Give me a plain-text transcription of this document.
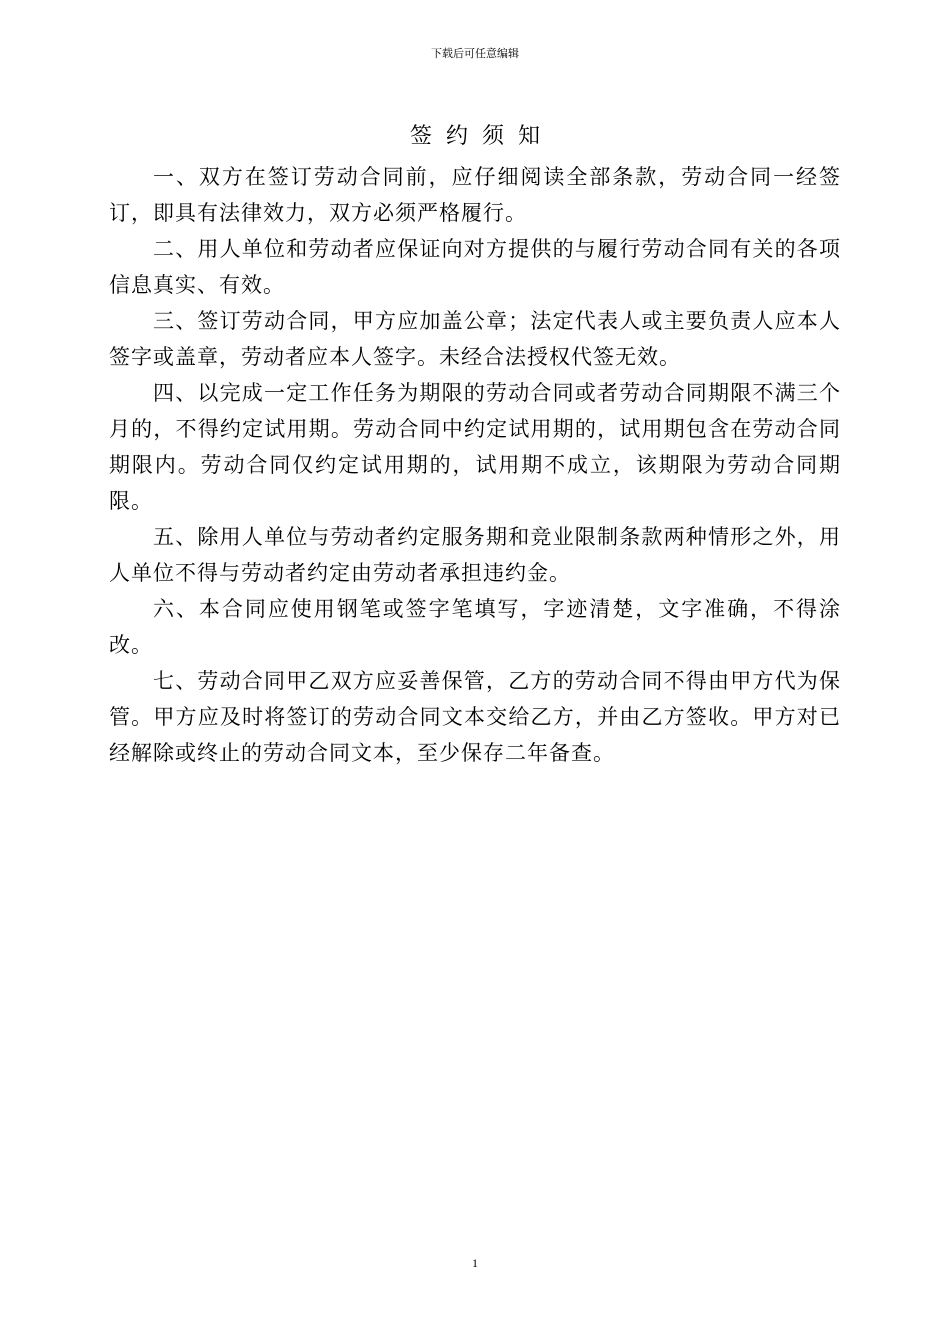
下载后可任意编辑
签约须知

一、双方在签订劳动合同前，应仔细阅读全部条款，劳动合同一经签订，即具有法律效力，双方必须严格履行。

二、用人单位和劳动者应保证向对方提供的与履行劳动合同有关的各项信息真实、有效。

三、签订劳动合同，甲方应加盖公章；法定代表人或主要负责人应本人签字或盖章，劳动者应本人签字。未经合法授权代签无效。

四、以完成一定工作任务为期限的劳动合同或者劳动合同期限不满三个月的，不得约定试用期。劳动合同中约定试用期的，试用期包含在劳动合同期限内。劳动合同仅约定试用期的，试用期不成立，该期限为劳动合同期限。

五、除用人单位与劳动者约定服务期和竞业限制条款两种情形之外，用人单位不得与劳动者约定由劳动者承担违约金。

六、本合同应使用钢笔或签字笔填写，字迹清楚，文字准确，不得涂改。

七、劳动合同甲乙双方应妥善保管，乙方的劳动合同不得由甲方代为保管。甲方应及时将签订的劳动合同文本交给乙方，并由乙方签收。甲方对已经解除或终止的劳动合同文本，至少保存二年备查。

1
